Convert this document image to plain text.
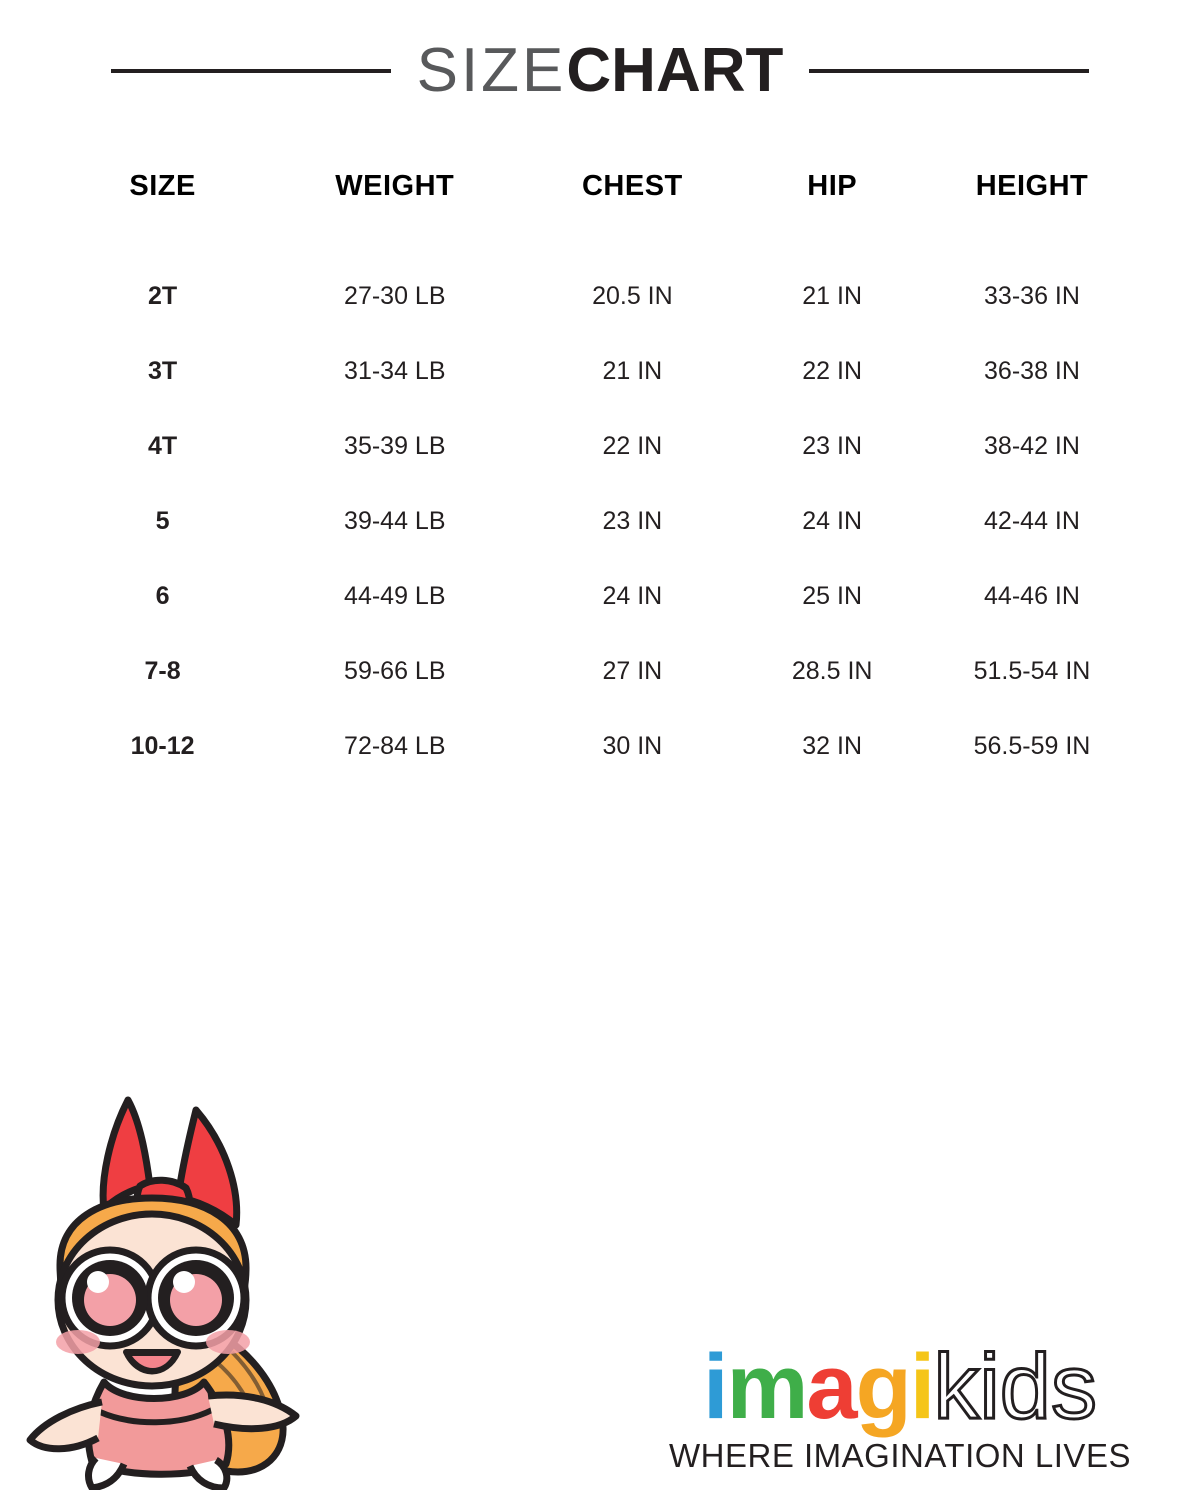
SIZECHART
SIZE	WEIGHT	CHEST	HIP	HEIGHT
2T	27-30 LB	20.5 IN	21 IN	33-36 IN
3T	31-34 LB	21 IN	22 IN	36-38 IN
4T	35-39 LB	22 IN	23 IN	38-42 IN
5	39-44 LB	23 IN	24 IN	42-44 IN
6	44-49 LB	24 IN	25 IN	44-46 IN
7-8	59-66 LB	27 IN	28.5 IN	51.5-54 IN
10-12	72-84 LB	30 IN	32 IN	56.5-59 IN
imagikids
WHERE IMAGINATION LIVES
